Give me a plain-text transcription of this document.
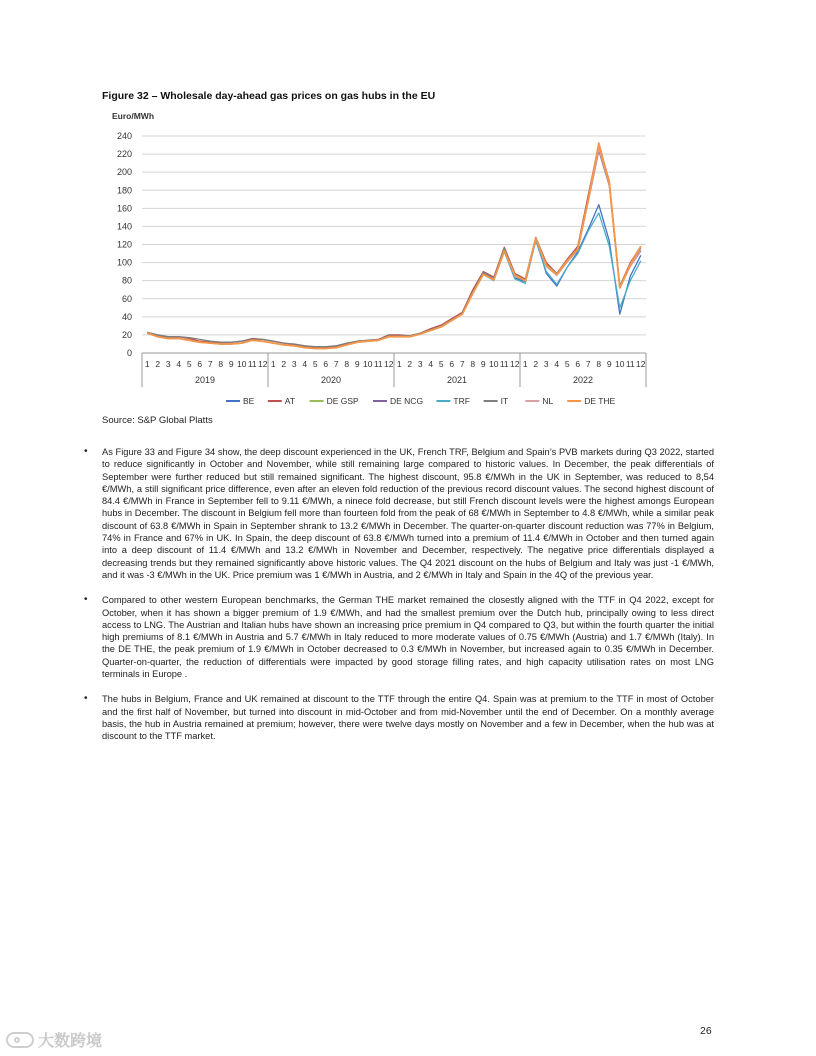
Figure 32 – Wholesale day-ahead gas prices on gas hubs in the EU
Euro/MWh
0
20
40
60
80
100
120
140
160
180
200
220
240
1 2 3 4 5 6 7 8 9 10 11 12 1 2 3 4 5 6 7 8 9 10 11 12 1 2 3 4 5 6 7 8 9 10 11 12 1 2 3 4 5 6 7 8 9 10 11 12
2019	2020	2021	2022
BE	AT	DE GSP	DE NCG	TRF	IT	NL	DE THE
Source: S&P Global Platts
• As Figure 33 and Figure 34 show, the deep discount experienced in the UK, French TRF, Belgium and Spain’s PVB markets during Q3 2022, started to reduce significantly in October and November, while still remaining large compared to historic values. In December, the peak differentials of September were further reduced but still remained significant. The highest discount, 95.8 €/MWh in the UK in September, was reduced to 8,54 €/MWh, a still significant price difference, even after an eleven fold reduction of the previous record discount values. The second highest discount of 84.4 €/MWh in France in September fell to 9.11 €/MWh, a ninece fold decrease, but still French discount levels were the highest amongs European hubs in December. The discount in Belgium fell more than fourteen fold from the peak of 68 €/MWh in September to 4.8 €/MWh, while a similar peak discount of 63.8 €/MWh in Spain in September shrank to 13.2 €/MWh in December. The quarter-on-quarter discount reduction was 77% in Belgium, 74% in France and 67% in UK. In Spain, the deep discount of 63.8 €/MWh turned into a premium of 11.4 €/MWh in October and then turned again into a deep discount of 11.4 €/MWh and 13.2 €/MWh in November and December, respectively. The negative price differentials displayed a decreasing trends but they remained significantly above historic values. The Q4 2021 discount on the hubs of Belgium and Italy was just -1 €/MWh, and it was -3 €/MWh in the UK. Price premium was 1 €/MWh in Austria, and 2 €/MWh in Italy and Spain in the 4Q of the previous year.
• Compared to other western European benchmarks, the German THE market remained the closestly aligned with the TTF in Q4 2022, except for October, when it has shown a bigger premium of 1.9 €/MWh, and had the smallest premium over the Dutch hub, principally owing to less direct access to LNG. The Austrian and Italian hubs have shown an increasing price premium in Q4 compared to Q3, but within the fourth quarter the initial high premiums of 8.1 €/MWh in Austria and 5.7 €/MWh in Italy reduced to more moderate values of 0.75 €/MWh (Austria) and 1.7 €/MWh (Italy). In the DE THE, the peak premium of 1.9 €/MWh in October decreased to 0.3 €/MWh in November, but increased again to 0.35 €/MWh in December. Quarter-on-quarter, the reduction of differentials were impacted by good storage filling rates, and high capacity utilisation rates on most LNG terminals in Europe .
• The hubs in Belgium, France and UK remained at discount to the TTF through the entire Q4. Spain was at premium to the TTF in most of October and the first half of November, but turned into discount in mid-October and from mid-November until the end of December. On a monthly average basis, the hub in Austria remained at premium; however, there were twelve days mostly on November and a few in December, when the hub was at discount to the TTF market.
26
大数跨境
